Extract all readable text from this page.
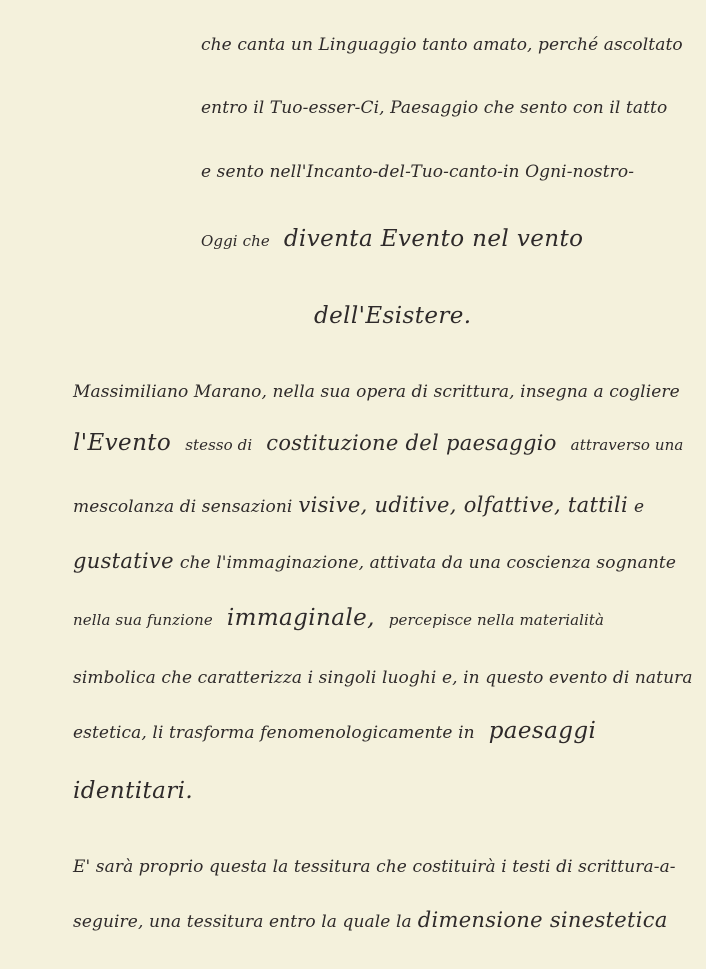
che canta un Linguaggio tanto amato, perché ascoltato
entro il Tuo-esser-Ci, Paesaggio che sento con il tatto
e sento nell'Incanto-del-Tuo-canto-in Ogni-nostro-
Oggi che diventa Evento nel vento
dell'Esistere.
Massimiliano Marano, nella sua opera di scrittura, insegna a cogliere
l'Evento stesso di costituzione del paesaggio attraverso una
mescolanza di sensazioni visive, uditive, olfattive, tattili e
gustative che l'immaginazione, attivata da una coscienza sognante
nella sua funzione immaginale, percepisce nella materialità
simbolica che caratterizza i singoli luoghi e, in questo evento di natura
estetica, li trasforma fenomenologicamente in paesaggi
identitari.
E' sarà proprio questa la tessitura che costituirà i testi di scrittura-a-
seguire, una tessitura entro la quale la dimensione sinestetica
